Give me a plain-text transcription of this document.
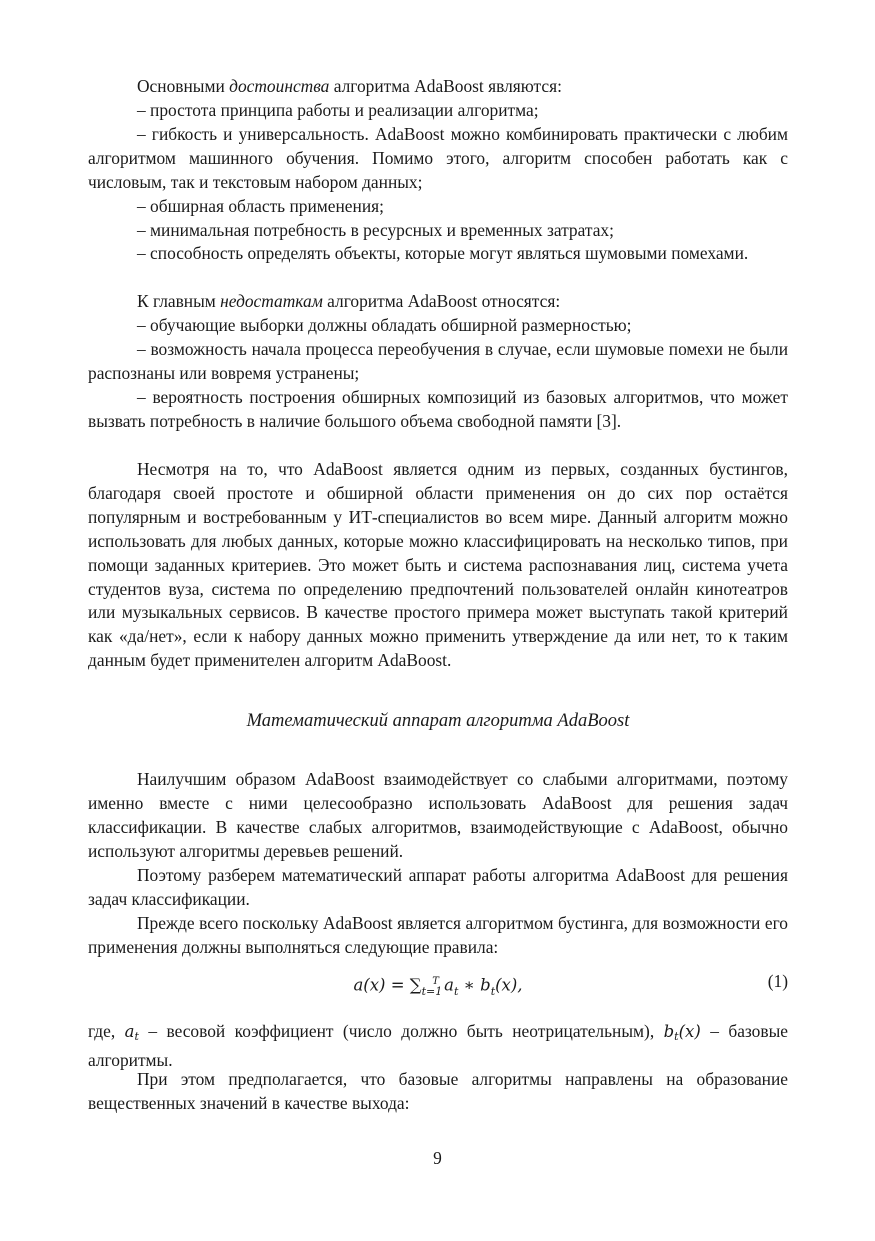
Основными достоинства алгоритма AdaBoost являются:

– простота принципа работы и реализации алгоритма;

– гибкость и универсальность. AdaBoost можно комбинировать практически с любим алгоритмом машинного обучения. Помимо этого, алгоритм способен работать как с числовым, так и текстовым набором данных;

– обширная область применения;

– минимальная потребность в ресурсных и временных затратах;

– способность определять объекты, которые могут являться шумовыми помехами.

К главным недостаткам алгоритма AdaBoost относятся:

– обучающие выборки должны обладать обширной размерностью;

– возможность начала процесса переобучения в случае, если шумовые помехи не были распознаны или вовремя устранены;

– вероятность построения обширных композиций из базовых алгоритмов, что может вызвать потребность в наличие большого объема свободной памяти [3].

Несмотря на то, что AdaBoost является одним из первых, созданных бустингов, благодаря своей простоте и обширной области применения он до сих пор остаётся популярным и востребованным у ИТ-специалистов во всем мире. Данный алгоритм можно использовать для любых данных, которые можно классифицировать на несколько типов, при помощи заданных критериев. Это может быть и система распознавания лиц, система учета студентов вуза, система по определению предпочтений пользователей онлайн кинотеатров или музыкальных сервисов. В качестве простого примера может выступать такой критерий как «да/нет», если к набору данных можно применить утверждение да или нет, то к таким данным будет применителен алгоритм AdaBoost.

Математический аппарат алгоритма AdaBoost

Наилучшим образом AdaBoost взаимодействует со слабыми алгоритмами, поэтому именно вместе с ними целесообразно использовать AdaBoost для решения задач классификации. В качестве слабых алгоритмов, взаимодействующие с AdaBoost, обычно используют алгоритмы деревьев решений.

Поэтому разберем математический аппарат работы алгоритма AdaBoost для решения задач классификации.

Прежде всего поскольку AdaBoost является алгоритмом бустинга, для возможности его применения должны выполняться следующие правила:

$a(x) = \sum_{t=1}^T$ $a_t$ ∗ $b_t(x)$,	(1)

где, $a_t$ – весовой коэффициент (число должно быть неотрицательным), $b_t(x)$ – базовые алгоритмы.

При этом предполагается, что базовые алгоритмы направлены на образование вещественных значений в качестве выхода:

9
